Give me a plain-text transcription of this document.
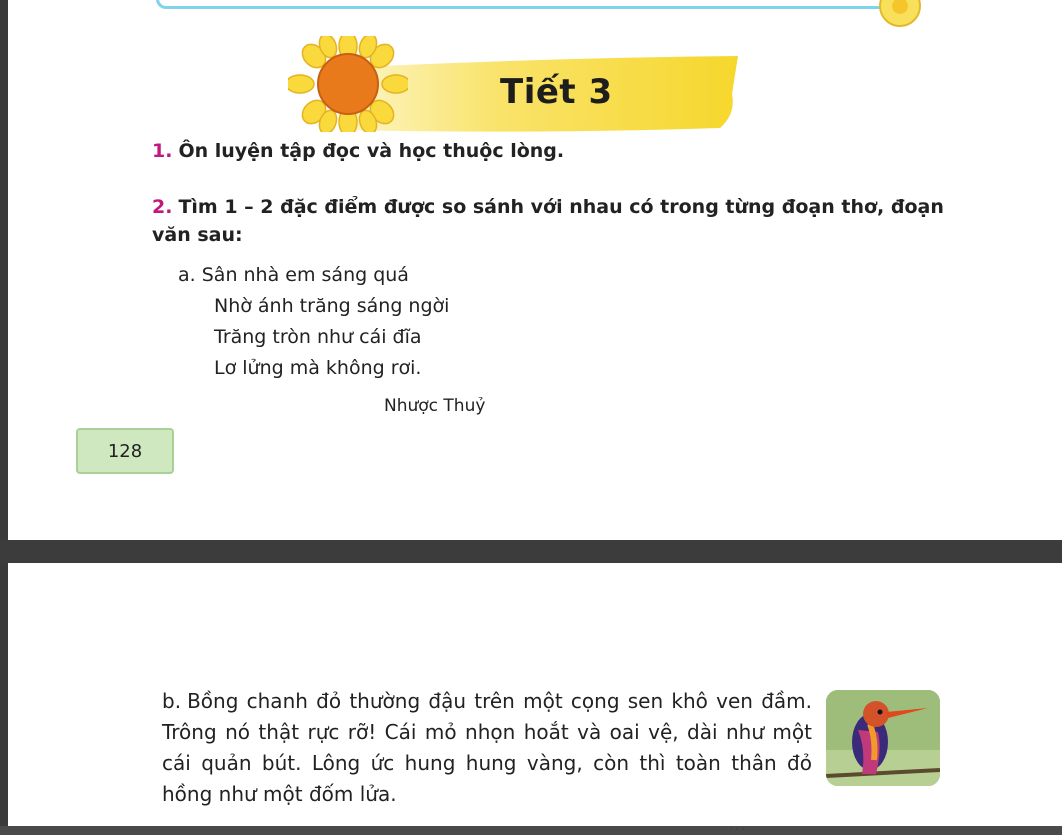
Tiết 3
1. Ôn luyện tập đọc và học thuộc lòng.
2. Tìm 1 – 2 đặc điểm được so sánh với nhau có trong từng đoạn thơ, đoạn văn sau:
a. Sân nhà em sáng quá
Nhờ ánh trăng sáng ngời
Trăng tròn như cái đĩa
Lơ lửng mà không rơi.
Nhược Thuỷ
128
b. Bồng chanh đỏ thường đậu trên một cọng sen khô ven đầm. Trông nó thật rực rỡ! Cái mỏ nhọn hoắt và oai vệ, dài như một cái quản bút. Lông ức hung hung vàng, còn thì toàn thân đỏ hồng như một đốm lửa.
…
